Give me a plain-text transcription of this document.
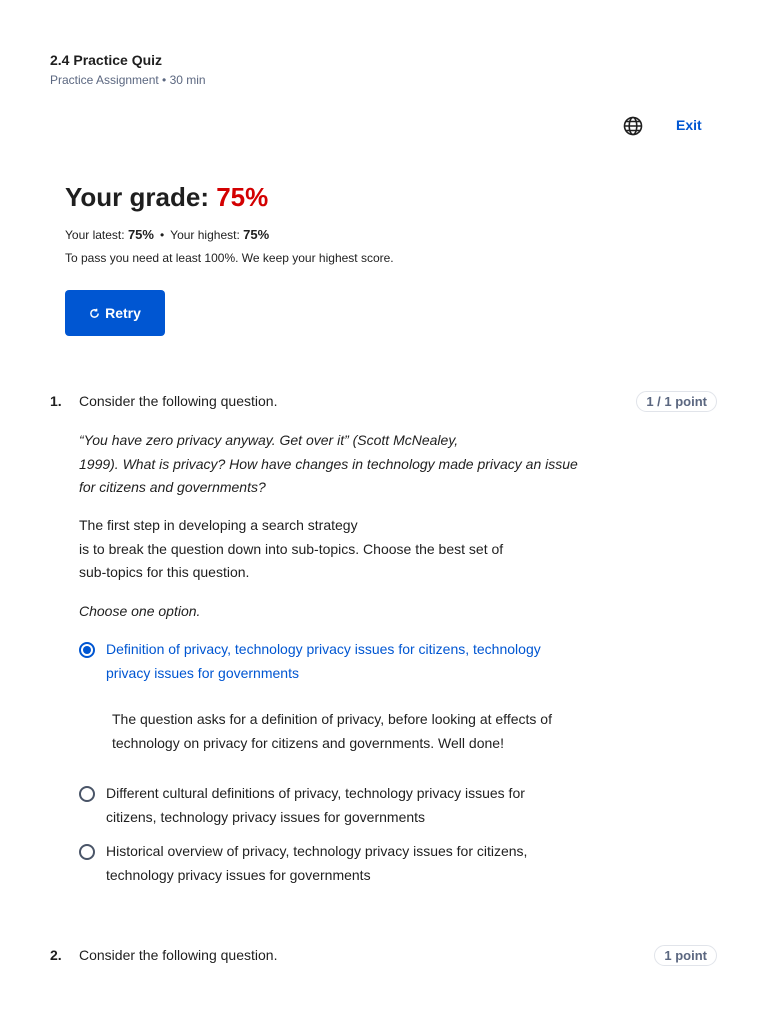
2.4 Practice Quiz
Practice Assignment • 30 min
Exit
Your grade: 75%
Your latest: 75% • Your highest: 75%
To pass you need at least 100%. We keep your highest score.
Retry
1. Consider the following question.	1 / 1 point
“You have zero privacy anyway. Get over it” (Scott McNealey,
1999). What is privacy? How have changes in technology made privacy an issue
for citizens and governments?
The first step in developing a search strategy
is to break the question down into sub-topics. Choose the best set of
sub-topics for this question.
Choose one option.
Definition of privacy, technology privacy issues for citizens, technology
privacy issues for governments
The question asks for a definition of privacy, before looking at effects of
technology on privacy for citizens and governments. Well done!
Different cultural definitions of privacy, technology privacy issues for
citizens, technology privacy issues for governments
Historical overview of privacy, technology privacy issues for citizens,
technology privacy issues for governments
2. Consider the following question.	1 point
